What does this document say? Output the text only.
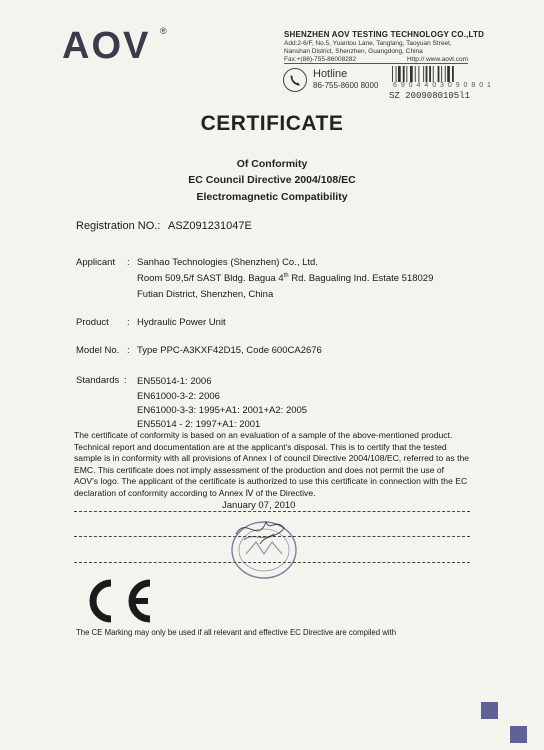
AOV	®	SHENZHEN AOV TESTING TECHNOLOGY CO.,LTD
Add:2-6/F, No.5, Yuantou Lane, Tanglang, Taoyuan Street,
Nanshan District, Shenzhen, Guangdong, China
Fax:+(86)-755-86008282	Http:// www.aovt.com
Hotline
86-755-8600 8000 6 9 0 4 4 0 3 0 9 0 8 0 1
SZ 2009080105l1
CERTIFICATE
Of Conformity
EC Council Directive 2004/108/EC
Electromagnetic Compatibility
Registration NO.: ASZ091231047E
Applicant : Sanhao Technologies (Shenzhen) Co., Ltd.
Room 509,5/f SAST Bldg. Bagua 4th Rd. Bagualing Ind. Estate 518029
Futian District, Shenzhen, China
Product : Hydraulic Power Unit
Model No. : Type PPC-A3KXF42D15, Code 600CA2676
Standards : EN55014-1: 2006
EN61000-3-2: 2006
EN61000-3-3: 1995+A1: 2001+A2: 2005
EN55014 - 2: 1997+A1: 2001
The certificate of conformity is based on an evaluation of a sample of the above-mentioned product.
Technical report and documentation are at the applicant's disposal. This is to certify that the tested
sample is in conformity with all provisions of Annex I of council Directive 2004/108/EC, referred to as the
EMC. This certificate does not imply assessment of the production and does not permit the use of
AOV's logo. The applicant of the certificate is authorized to use this certificate in connection with the EC
declaration of conformity according to Annex Ⅳ of the Directive.
January 07, 2010
The CE Marking may only be used if all relevant and effective EC Directive are compiled with
